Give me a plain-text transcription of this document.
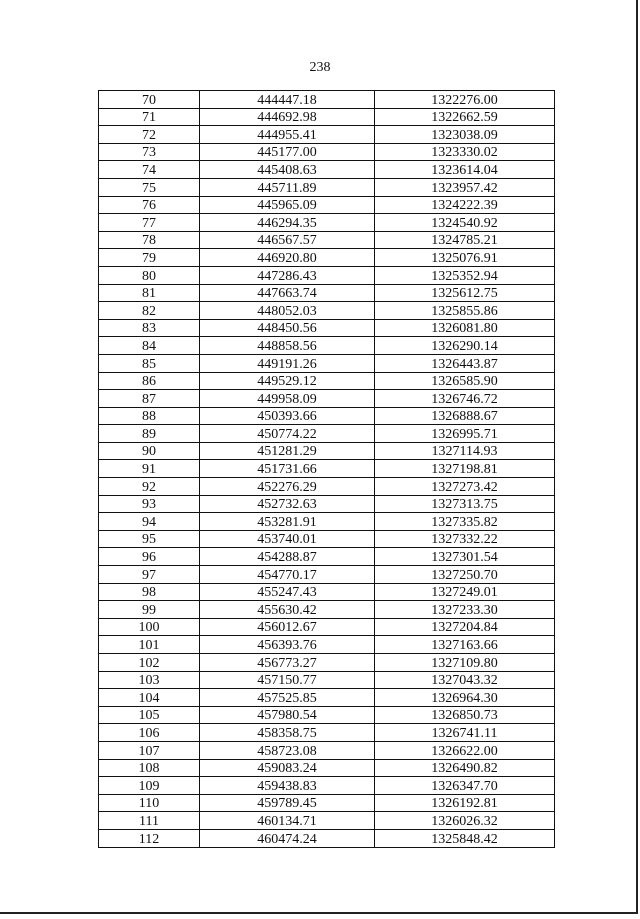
238
70	444447.18	1322276.00
71	444692.98	1322662.59
72	444955.41	1323038.09
73	445177.00	1323330.02
74	445408.63	1323614.04
75	445711.89	1323957.42
76	445965.09	1324222.39
77	446294.35	1324540.92
78	446567.57	1324785.21
79	446920.80	1325076.91
80	447286.43	1325352.94
81	447663.74	1325612.75
82	448052.03	1325855.86
83	448450.56	1326081.80
84	448858.56	1326290.14
85	449191.26	1326443.87
86	449529.12	1326585.90
87	449958.09	1326746.72
88	450393.66	1326888.67
89	450774.22	1326995.71
90	451281.29	1327114.93
91	451731.66	1327198.81
92	452276.29	1327273.42
93	452732.63	1327313.75
94	453281.91	1327335.82
95	453740.01	1327332.22
96	454288.87	1327301.54
97	454770.17	1327250.70
98	455247.43	1327249.01
99	455630.42	1327233.30
100	456012.67	1327204.84
101	456393.76	1327163.66
102	456773.27	1327109.80
103	457150.77	1327043.32
104	457525.85	1326964.30
105	457980.54	1326850.73
106	458358.75	1326741.11
107	458723.08	1326622.00
108	459083.24	1326490.82
109	459438.83	1326347.70
110	459789.45	1326192.81
111	460134.71	1326026.32
112	460474.24	1325848.42
